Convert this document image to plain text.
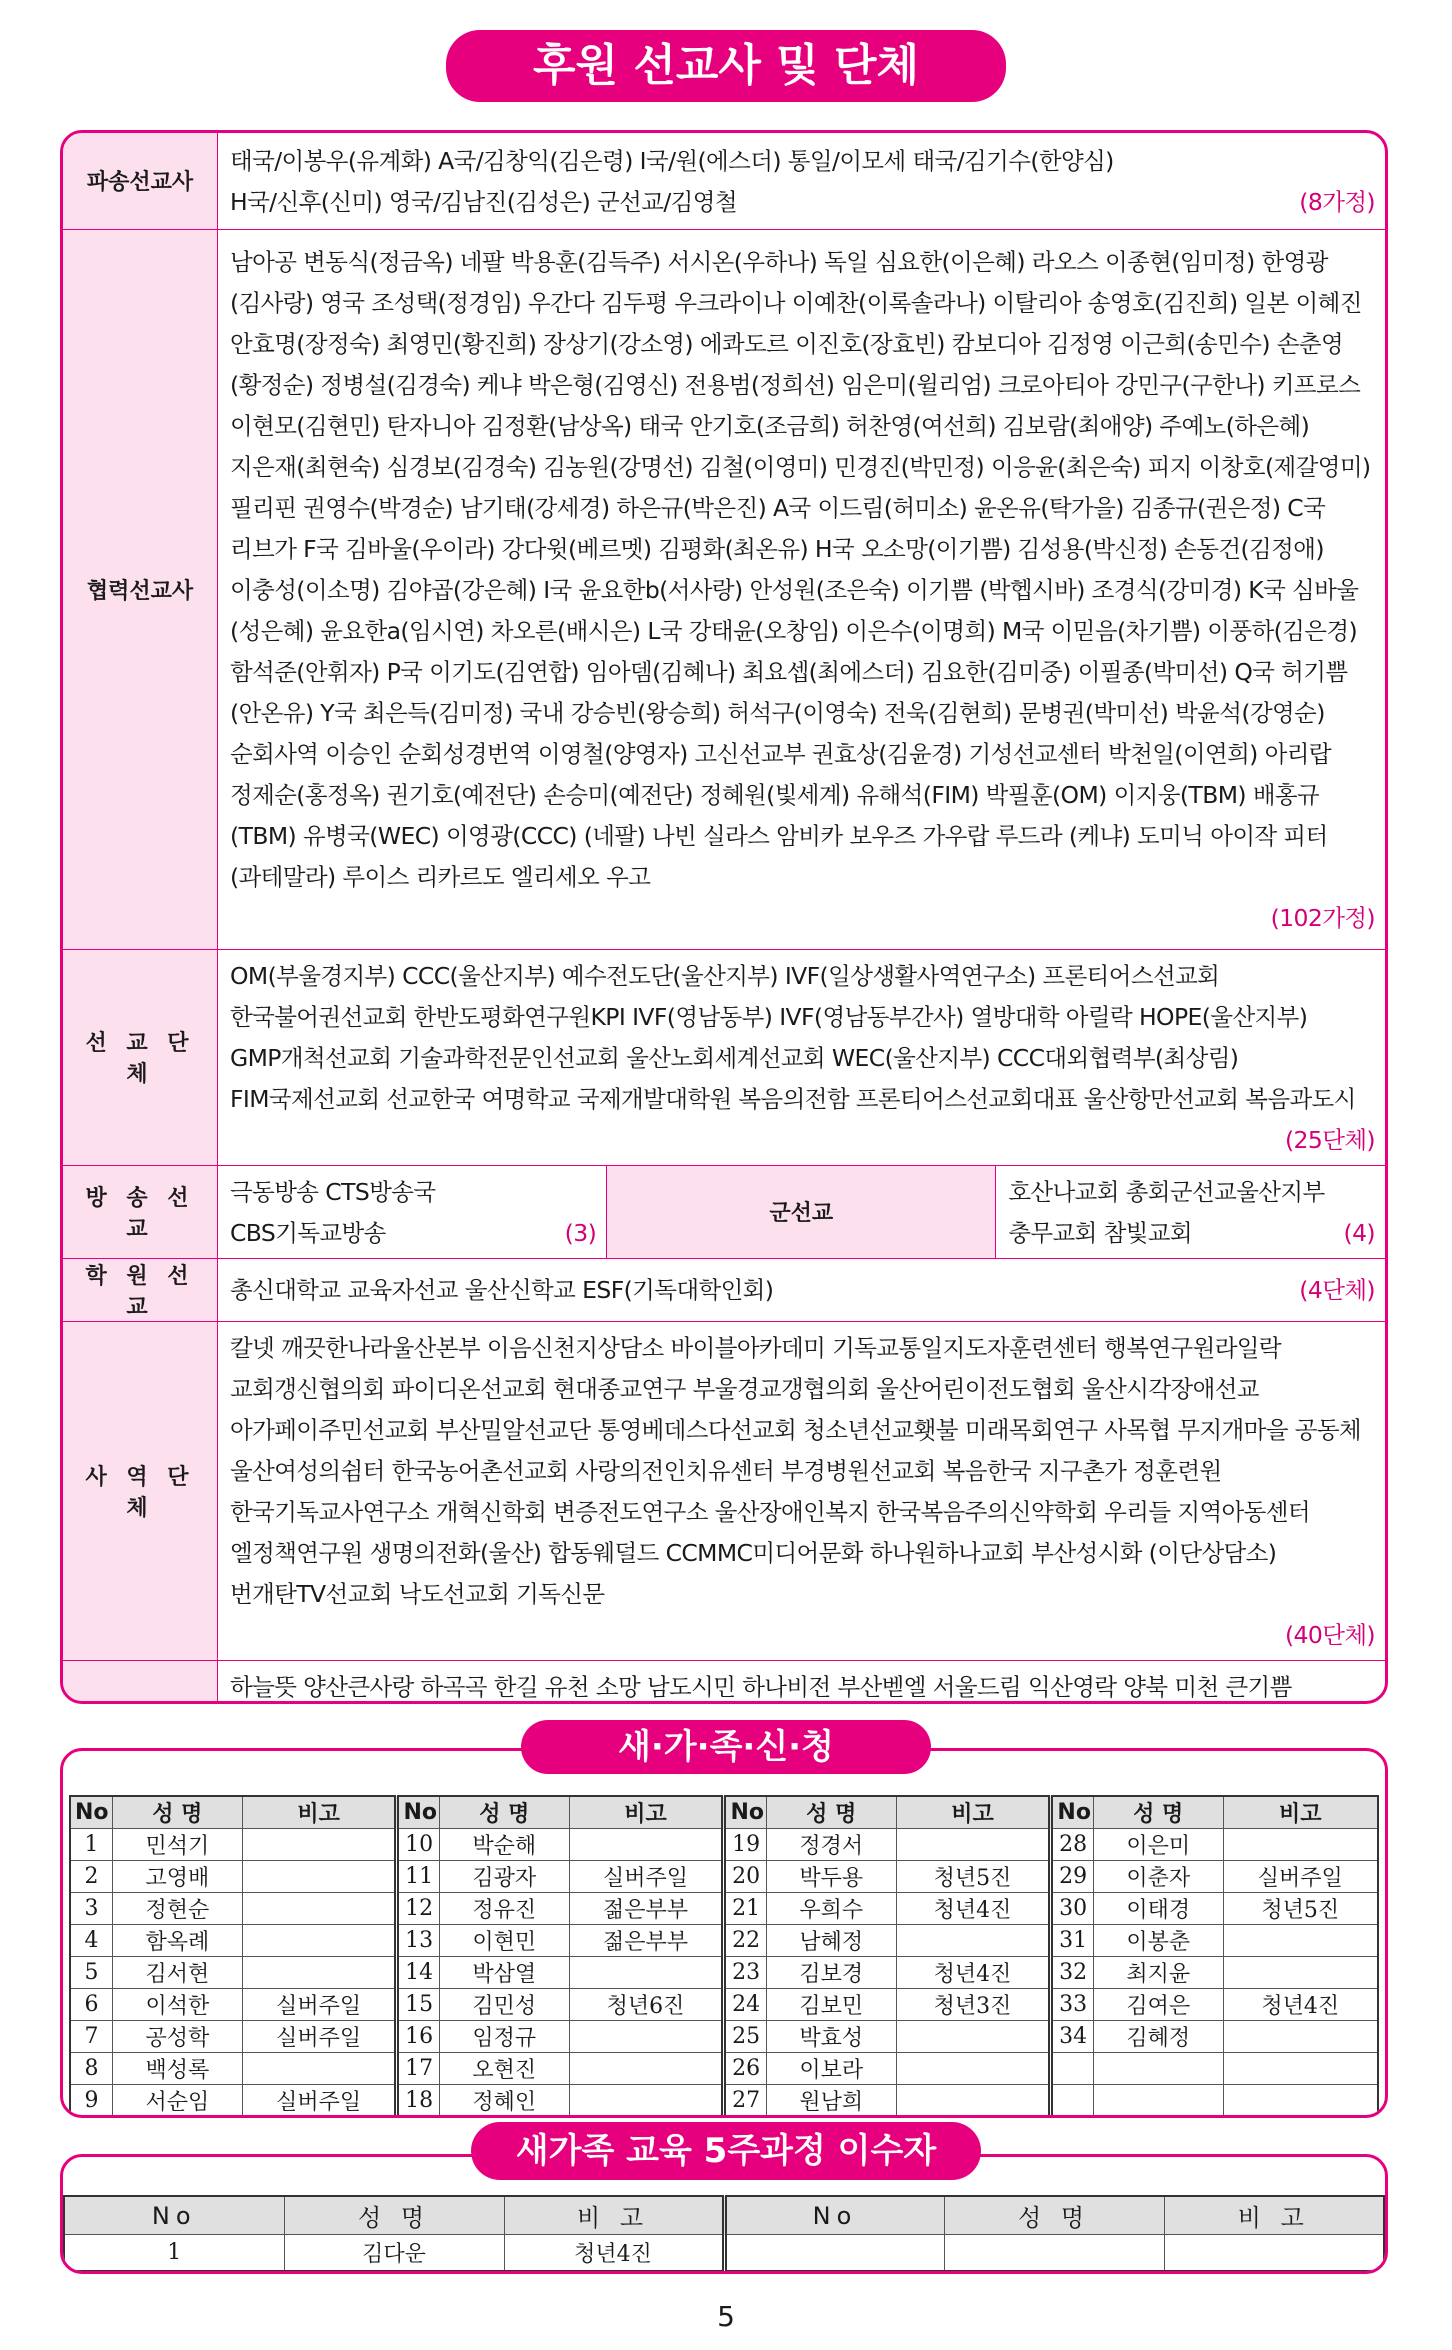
후원 선교사 및 단체
파송선교사	태국/이봉우(유계화) A국/김창익(김은령) I국/원(에스더) 통일/이모세 태국/김기수(한양심)
H국/신후(신미) 영국/김남진(김성은) 군선교/김영철 (8가정)		

협력선교사	남아공 변동식(정금옥) 네팔 박용훈(김득주) 서시온(우하나) 독일 심요한(이은혜) 라오스 이종현(임미정) 한영광(김사랑) 영국 조성택(정경임) 우간다 김두평 우크라이나 이예찬(이록솔라나) 이탈리아 송영호(김진희) 일본 이혜진 안효명(장정숙) 최영민(황진희) 장상기(강소영) 에콰도르 이진호(장효빈) 캄보디아 김정영 이근희(송민수) 손춘영(황정순) 정병설(김경숙) 케냐 박은형(김영신) 전용범(정희선) 임은미(윌리엄) 크로아티아 강민구(구한나) 키프로스 이현모(김현민) 탄자니아 김정환(남상옥) 태국 안기호(조금희) 허찬영(여선희) 김보람(최애양) 주예노(하은혜) 지은재(최현숙) 심경보(김경숙) 김농원(강명선) 김철(이영미) 민경진(박민정) 이응윤(최은숙) 피지 이창호(제갈영미) 필리핀 권영수(박경순) 남기태(강세경) 하은규(박은진) A국 이드림(허미소) 윤온유(탁가을) 김종규(권은정) C국 리브가 F국 김바울(우이라) 강다윗(베르멧) 김평화(최온유) H국 오소망(이기쁨) 김성용(박신정) 손동건(김정애) 이충성(이소명) 김야곱(강은혜) I국 윤요한b(서사랑) 안성원(조은숙) 이기쁨 (박헵시바) 조경식(강미경) K국 심바울(성은혜) 윤요한a(임시연) 차오른(배시은) L국 강태윤(오창임) 이은수(이명희) M국 이믿음(차기쁨) 이풍하(김은경) 함석준(안휘자) P국 이기도(김연합) 임아뎀(김혜나) 최요셉(최에스더) 김요한(김미중) 이필종(박미선) Q국 허기쁨(안온유) Y국 최은득(김미정) 국내 강승빈(왕승희) 허석구(이영숙) 전욱(김현희) 문병권(박미선) 박윤석(강영순) 순회사역 이승인 순회성경번역 이영철(양영자) 고신선교부 권효상(김윤경) 기성선교센터 박천일(이연희) 아리랍 정제순(홍정옥) 권기호(예전단) 손승미(예전단) 정혜원(빛세계) 유해석(FIM) 박필훈(OM) 이지웅(TBM) 배홍규(TBM) 유병국(WEC) 이영광(CCC) (네팔) 나빈 실라스 암비카 보우즈 가우랍 루드라 (케냐) 도미닉 아이작 피터 (과테말라) 루이스 리카르도 엘리세오 우고
(102가정)		

선 교 단 체	OM(부울경지부) CCC(울산지부) 예수전도단(울산지부) IVF(일상생활사역연구소) 프론티어스선교회 한국불어권선교회 한반도평화연구원KPI IVF(영남동부) IVF(영남동부간사) 열방대학 아릴락 HOPE(울산지부) GMP개척선교회 기술과학전문인선교회 울산노회세계선교회 WEC(울산지부) CCC대외협력부(최상림) FIM국제선교회 선교한국 여명학교 국제개발대학원 복음의전함 프론티어스선교회대표 울산항만선교회 복음과도시
(25단체)		

방 송 선 교	극동방송 CTS방송국 CBS기독교방송 (3)	군선교	호산나교회 총회군선교울산지부 충무교회 참빛교회 (4)

학 원 선 교	총신대학교 교육자선교 울산신학교 ESF(기독대학인회) (4단체)		

사 역 단 체	칼넷 깨끗한나라울산본부 이음신천지상담소 바이블아카데미 기독교통일지도자훈련센터 행복연구원라일락 교회갱신협의회 파이디온선교회 현대종교연구 부울경교갱협의회 울산어린이전도협회 울산시각장애선교 아가페이주민선교회 부산밀알선교단 통영베데스다선교회 청소년선교횃불 미래목회연구 사목협 무지개마을 공동체 울산여성의쉼터 한국농어촌선교회 사랑의전인치유센터 부경병원선교회 복음한국 지구촌가 정훈련원 한국기독교사연구소 개혁신학회 변증전도연구소 울산장애인복지 한국복음주의신약학회 우리들 지역아동센터 엘정책연구원 생명의전화(울산) 합동웨덜드 CCMMC미디어문화 하나원하나교회 부산성시화 (이단상담소) 번개탄TV선교회 낙도선교회 기독신문
(40단체)		

하늘뜻 양산큰사랑 하곡곡 한길 유천 소망 남도시민 하나비전 부산벧엘 서울드림 익산영락 양북 미천 큰기쁨		
No	성 명	비고	No	성 명	비고	No	성 명	비고	No	성 명	비고
1	민석기		10	박순해		19	정경서		28	이은미	
2	고영배		11	김광자	실버주일	20	박두용	청년5진	29	이춘자	실버주일
3	정현순		12	정유진	젊은부부	21	우희수	청년4진	30	이태경	청년5진
4	함옥례		13	이현민	젊은부부	22	남혜정		31	이봉춘	
5	김서현		14	박삼열		23	김보경	청년4진	32	최지윤	
6	이석한	실버주일	15	김민성	청년6진	24	김보민	청년3진	33	김여은	청년4진
7	공성학	실버주일	16	임정규		25	박효성		34	김혜정	
8	백성록		17	오현진		26	이보라				
9	서순임	실버주일	18	정혜인		27	원남희				
새·가·족·신·청
No	성 명	비 고	No	성 명	비 고
1	김다운	청년4진			
새가족 교육 5주과정 이수자
5
